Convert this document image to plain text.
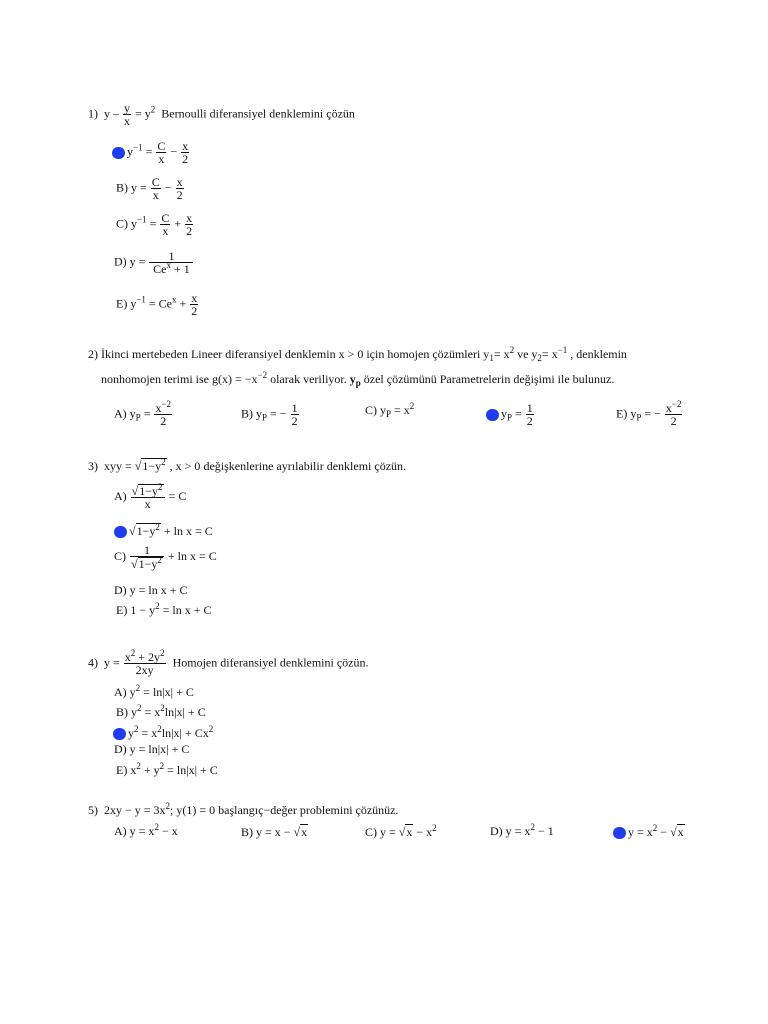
1) $y - \frac{y}{x} = y^2$ Bernoulli diferansiyel denklemini çözün
A) $y^{-1} = \frac{C}{x} - \frac{x}{2}$
B) $y = \frac{C}{x} - \frac{x}{2}$
C) $y^{-1} = \frac{C}{x} + \frac{x}{2}$
D) $y = \frac{1}{Ce^x + 1}$
E) $y^{-1} = Ce^x + \frac{x}{2}$
2) İkinci mertebeden Lineer diferansiyel denklemin x > 0 için homojen çözümleri $y_1= x^2$ ve $y_2= x^{-1}$ , denklemin
nonhomojen terimi ise $g(x) = -x^{-2}$ olarak veriliyor. $y_p$ özel çözümünü Parametrelerin değişimi ile bulunuz.
A) $y_P = \frac{x^{-2}}{2}$	B) $y_P$ = − $\frac{1}{2}$	C) $y_P = x^2$
D) $y_P = \frac{1}{2}$	E) $y_P$ = − $\frac{x^{-2}}{2}$
3) xyy = $√1-y^2$ , x > 0 değişkenlerine ayrılabilir denklemi çözün.
$A) \frac{√1-y^2}{x} = C$
B) $√1-y^2 + \ln x = C$
$C) \frac{1}{√1-y^2} + \ln x = C$
D) y = ln x + C
E) $1 - y^2 = \ln x + C$
4) $y = \frac{x^2 + 2y^2}{2xy}$ Homojen diferansiyel denklemini çözün.
A) $y^2 = \ln|x| + C$
B) $y^2 = x^2\ln|x| + C$
C) $y^2 = x^2\ln|x| + Cx^2$
D) y = ln|x| + C
E) $x^2 + y^2 = \ln|x| + C$
5) $2xy - y = 3x^2$; y(1) = 0 başlangıç−değer problemini çözünüz.
A) $y = x^2 - x$	B) y = x − √x	C) $y = √x - x^2$	D) $y = x^2 - 1$
E) $y = x^2 - √x$
